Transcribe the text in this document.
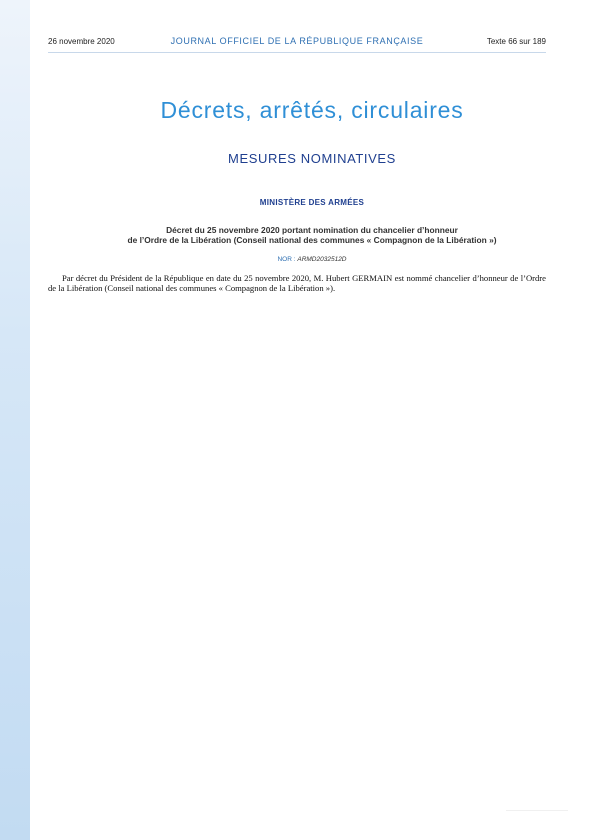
26 novembre 2020	JOURNAL OFFICIEL DE LA RÉPUBLIQUE FRANÇAISE	Texte 66 sur 189
Décrets, arrêtés, circulaires
MESURES NOMINATIVES
MINISTÈRE DES ARMÉES
Décret du 25 novembre 2020 portant nomination du chancelier d’honneur
de l’Ordre de la Libération (Conseil national des communes « Compagnon de la Libération »)
NOR : ARMD2032512D

Par décret du Président de la République en date du 25 novembre 2020, M. Hubert GERMAIN est nommé chancelier d’honneur de l’Ordre de la Libération (Conseil national des communes « Compagnon de la Libération »).
